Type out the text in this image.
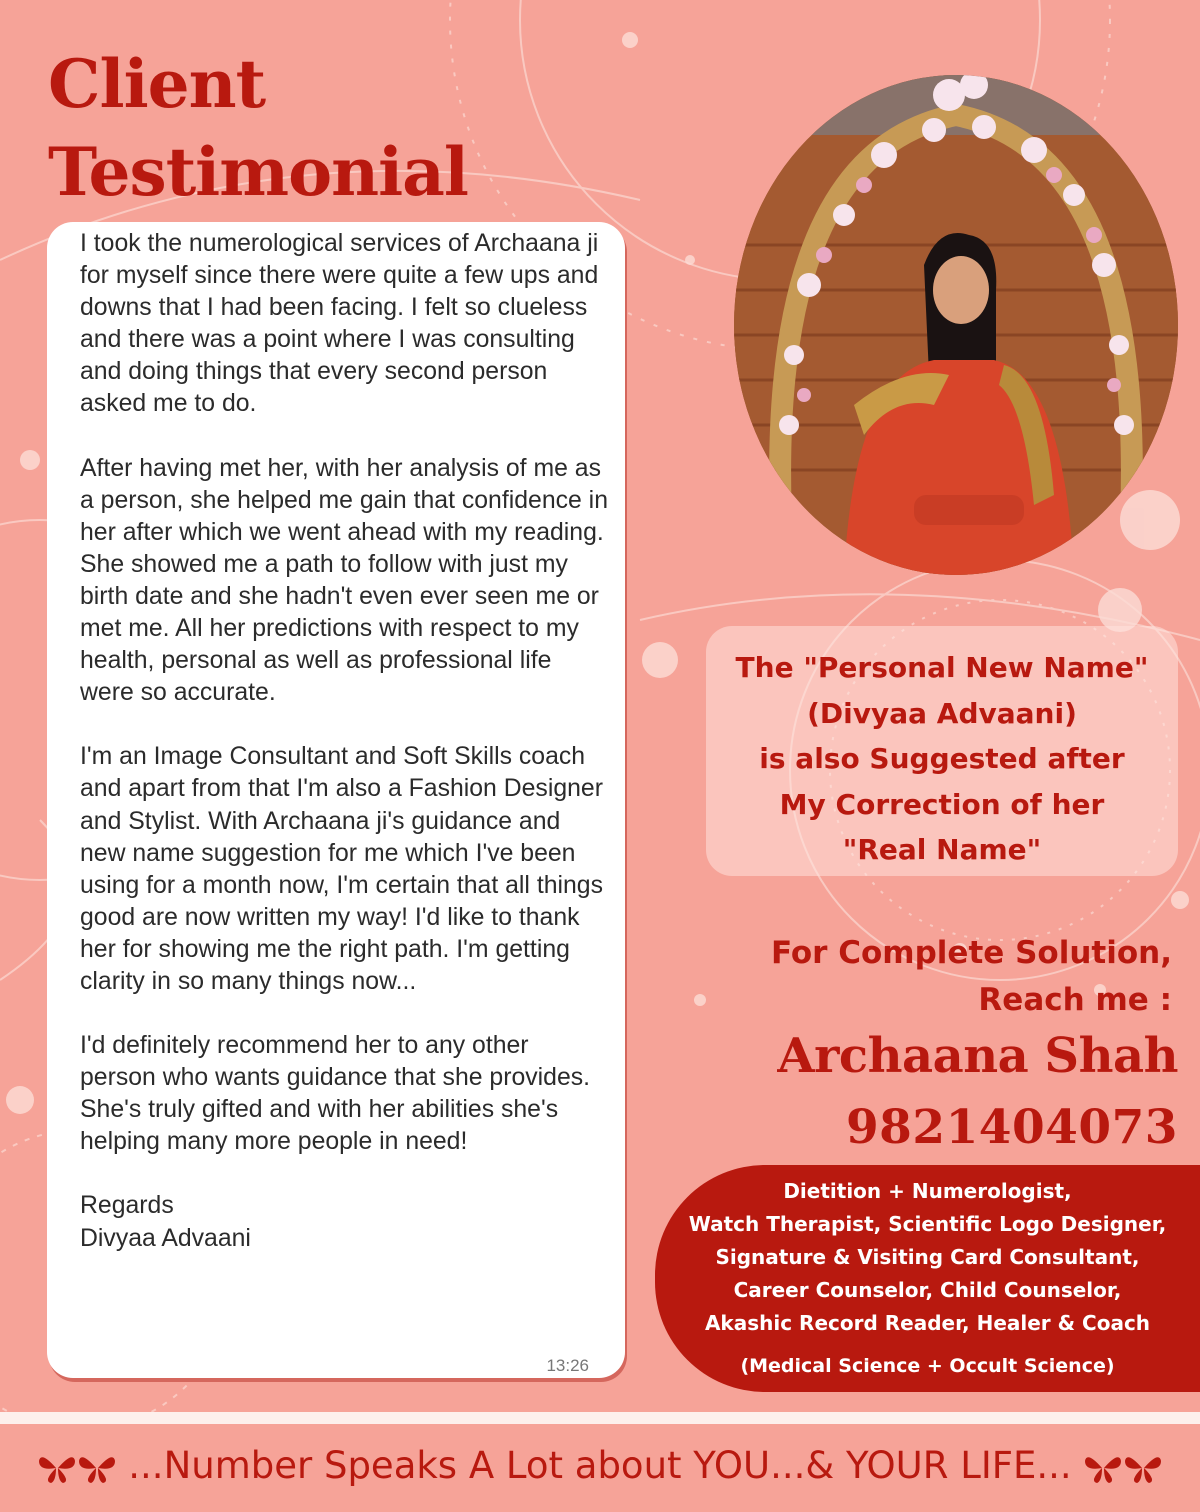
Client
Testimonial

I took the numerological services of Archaana ji for myself since there were quite a few ups and downs that I had been facing. I felt so clueless and there was a point where I was consulting and doing things that every second person asked me to do.

After having met her, with her analysis of me as a person, she helped me gain that confidence in her after which we went ahead with my reading. She showed me a path to follow with just my birth date and she hadn't even ever seen me or met me. All her predictions with respect to my health, personal as well as professional life were so accurate.

I'm an Image Consultant and Soft Skills coach and apart from that I'm also a Fashion Designer and Stylist. With Archaana ji's guidance and new name suggestion for me which I've been using for a month now, I'm certain that all things good are now written my way! I'd like to thank her for showing me the right path. I'm getting clarity in so many things now...

I'd definitely recommend her to any other person who wants guidance that she provides. She's truly gifted and with her abilities she's helping many more people in need!

Regards

Divyaa Advaani

13:26
The "Personal New Name"
(Divyaa Advaani)
is also Suggested after
My Correction of her
"Real Name"
For Complete Solution,
Reach me :
Archaana Shah
9821404073
Dietition + Numerologist,
Watch Therapist, Scientific Logo Designer,
Signature & Visiting Card Consultant,
Career Counselor, Child Counselor,
Akashic Record Reader, Healer & Coach
(Medical Science + Occult Science)
...Number Speaks A Lot about YOU...& YOUR LIFE...
